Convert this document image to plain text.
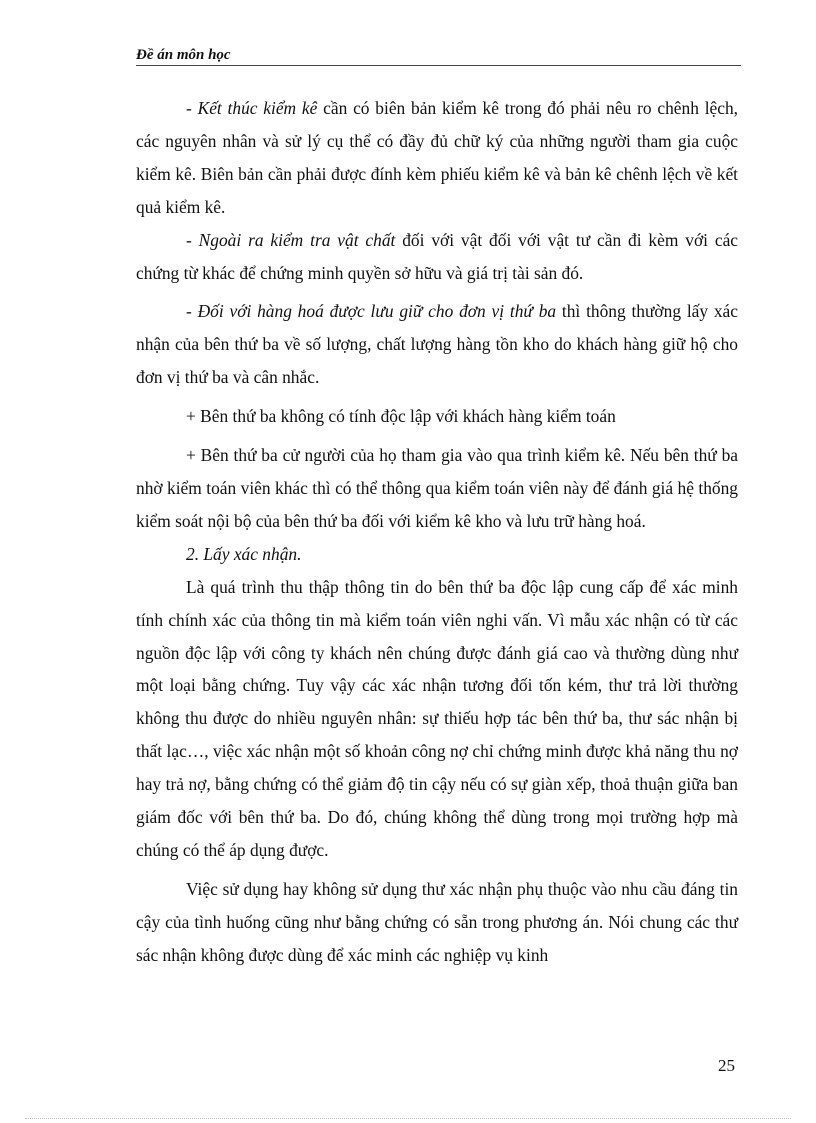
Đề án môn học

- Kết thúc kiểm kê cần có biên bản kiểm kê trong đó phải nêu ro chênh lệch, các nguyên nhân và sử lý cụ thể có đầy đủ chữ ký của những người tham gia cuộc kiểm kê. Biên bản cần phải được đính kèm phiếu kiểm kê và bản kê chênh lệch về kết quả kiểm kê.

- Ngoài ra kiểm tra vật chất đối với vật đối với vật tư cần đi kèm với các chứng từ khác để chứng minh quyền sở hữu và giá trị tài sản đó.

- Đối với hàng hoá được lưu giữ cho đơn vị thứ ba thì thông thường lấy xác nhận của bên thứ ba về số lượng, chất lượng hàng tồn kho do khách hàng giữ hộ cho đơn vị thứ ba và cân nhắc.

+ Bên thứ ba không có tính độc lập với khách hàng kiểm toán

+ Bên thứ ba cử người của họ tham gia vào qua trình kiểm kê. Nếu bên thứ ba nhờ kiểm toán viên khác thì có thể thông qua kiểm toán viên này để đánh giá hệ thống kiểm soát nội bộ của bên thứ ba đối với kiểm kê kho và lưu trữ hàng hoá.

2. Lấy xác nhận.

Là quá trình thu thập thông tin do bên thứ ba độc lập cung cấp để xác minh tính chính xác của thông tin mà kiểm toán viên nghi vấn. Vì mẫu xác nhận có từ các nguồn độc lập với công ty khách nên chúng được đánh giá cao và thường dùng như một loại bằng chứng. Tuy vậy các xác nhận tương đối tốn kém, thư trả lời thường không thu được do nhiều nguyên nhân: sự thiếu hợp tác bên thứ ba, thư sác nhận bị thất lạc…, việc xác nhận một số khoản công nợ chỉ chứng minh được khả năng thu nợ hay trả nợ, bằng chứng có thể giảm độ tin cậy nếu có sự giàn xếp, thoả thuận giữa ban giám đốc với bên thứ ba. Do đó, chúng không thể dùng trong mọi trường hợp mà chúng có thể áp dụng được.

Việc sử dụng hay không sử dụng thư xác nhận phụ thuộc vào nhu cầu đáng tin cậy của tình huống cũng như bằng chứng có sẵn trong phương án. Nói chung các thư sác nhận không được dùng để xác minh các nghiệp vụ kinh

25
